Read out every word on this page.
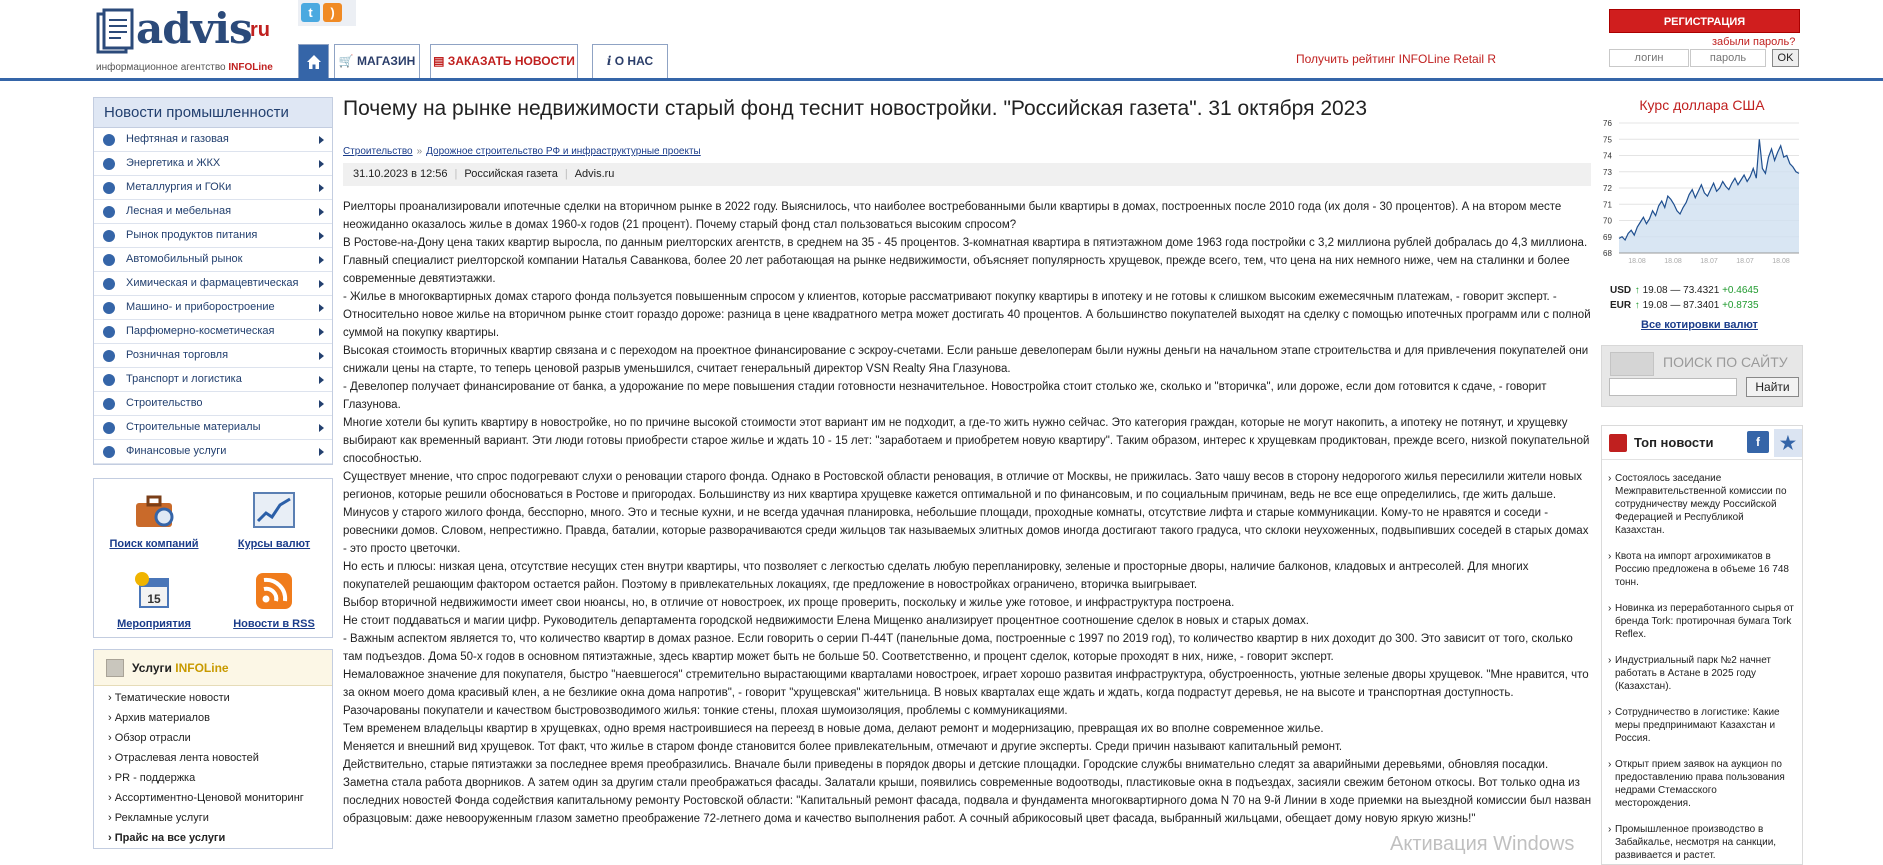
advis
ru
информационное агентство INFOLine
t )
🛒 МАГАЗИН	▤ ЗАКАЗАТЬ НОВОСТИ	i О НАС	Получить рейтинг INFOLine Retail R
РЕГИСТРАЦИЯ
забыли пароль?
логин
пароль
OK
Новости промышленности
Нефтяная и газовая
Энергетика и ЖКХ
Металлургия и ГОКи
Лесная и мебельная
Рынок продуктов питания
Автомобильный рынок
Химическая и фармацевтическая
Машино- и приборостроение
Парфюмерно-косметическая
Розничная торговля
Транспорт и логистика
Строительство
Строительные материалы
Финансовые услуги
Поиск компаний	Курсы валют
15
Мероприятия	Новости в RSS
Услуги INFOLine
› Тематические новости
› Архив материалов
› Обзор отрасли
› Отраслевая лента новостей
› PR - поддержка
› Ассортиментно-Ценовой мониторинг
› Рекламные услуги
› Прайс на все услуги
Почему на рынке недвижимости старый фонд теснит новостройки. "Российская газета". 31 октября 2023
Строительство » Дорожное строительство РФ и инфраструктурные проекты
31.10.2023 в 12:56 | Российская газета | Advis.ru

Риелторы проанализировали ипотечные сделки на вторичном рынке в 2022 году. Выяснилось, что наиболее востребованными были квартиры в домах, построенных после 2010 года (их доля - 30 процентов). А на втором месте неожиданно оказалось жилье в домах 1960-х годов (21 процент). Почему старый фонд стал пользоваться высоким спросом?

В Ростове-на-Дону цена таких квартир выросла, по данным риелторских агентств, в среднем на 35 - 45 процентов. 3-комнатная квартира в пятиэтажном доме 1963 года постройки с 3,2 миллиона рублей добралась до 4,3 миллиона. Главный специалист риелторской компании Наталья Саванкова, более 20 лет работающая на рынке недвижимости, объясняет популярность хрущевок, прежде всего, тем, что цена на них немного ниже, чем на сталинки и более современные девятиэтажки.

- Жилье в многоквартирных домах старого фонда пользуется повышенным спросом у клиентов, которые рассматривают покупку квартиры в ипотеку и не готовы к слишком высоким ежемесячным платежам, - говорит эксперт. - Относительно новое жилье на вторичном рынке стоит гораздо дороже: разница в цене квадратного метра может достигать 40 процентов. А большинство покупателей выходят на сделку с помощью ипотечных программ или с полной суммой на покупку квартиры.

Высокая стоимость вторичных квартир связана и с переходом на проектное финансирование с эскроу-счетами. Если раньше девелоперам были нужны деньги на начальном этапе строительства и для привлечения покупателей они снижали цены на старте, то теперь ценовой разрыв уменьшился, считает генеральный директор VSN Realty Яна Глазунова.

- Девелопер получает финансирование от банка, а удорожание по мере повышения стадии готовности незначительное. Новостройка стоит столько же, сколько и "вторичка", или дороже, если дом готовится к сдаче, - говорит Глазунова.

Многие хотели бы купить квартиру в новостройке, но по причине высокой стоимости этот вариант им не подходит, а где-то жить нужно сейчас. Это категория граждан, которые не могут накопить, а ипотеку не потянут, и хрущевку выбирают как временный вариант. Эти люди готовы приобрести старое жилье и ждать 10 - 15 лет: "заработаем и приобретем новую квартиру". Таким образом, интерес к хрущевкам продиктован, прежде всего, низкой покупательной способностью.

Существует мнение, что спрос подогревают слухи о реновации старого фонда. Однако в Ростовской области реновация, в отличие от Москвы, не прижилась. Зато чашу весов в сторону недорогого жилья пересилили жители новых регионов, которые решили обосноваться в Ростове и пригородах. Большинству из них квартира хрущевке кажется оптимальной и по финансовым, и по социальным причинам, ведь не все еще определились, где жить дальше.

Минусов у старого жилого фонда, бесспорно, много. Это и тесные кухни, и не всегда удачная планировка, небольшие площади, проходные комнаты, отсутствие лифта и старые коммуникации. Кому-то не нравятся и соседи - ровесники домов. Словом, непрестижно. Правда, баталии, которые разворачиваются среди жильцов так называемых элитных домов иногда достигают такого градуса, что склоки неухоженных, подвыпивших соседей в старых домах - это просто цветочки.

Но есть и плюсы: низкая цена, отсутствие несущих стен внутри квартиры, что позволяет с легкостью сделать любую перепланировку, зеленые и просторные дворы, наличие балконов, кладовых и антресолей. Для многих покупателей решающим фактором остается район. Поэтому в привлекательных локациях, где предложение в новостройках ограничено, вторичка выигрывает.

Выбор вторичной недвижимости имеет свои нюансы, но, в отличие от новостроек, их проще проверить, поскольку и жилье уже готовое, и инфраструктура построена.

Не стоит поддаваться и магии цифр. Руководитель департамента городской недвижимости Елена Мищенко анализирует процентное соотношение сделок в новых и старых домах.

- Важным аспектом является то, что количество квартир в домах разное. Если говорить о серии П-44Т (панельные дома, построенные с 1997 по 2019 год), то количество квартир в них доходит до 300. Это зависит от того, сколько там подъездов. Дома 50-х годов в основном пятиэтажные, здесь квартир может быть не больше 50. Соответственно, и процент сделок, которые проходят в них, ниже, - говорит эксперт.

Немаловажное значение для покупателя, быстро "наевшегося" стремительно вырастающими кварталами новостроек, играет хорошо развитая инфраструктура, обустроенность, уютные зеленые дворы хрущевок. "Мне нравится, что за окном моего дома красивый клен, а не безликие окна дома напротив", - говорит "хрущевская" жительница. В новых кварталах еще ждать и ждать, когда подрастут деревья, не на высоте и транспортная доступность. Разочарованы покупатели и качеством быстровозводимого жилья: тонкие стены, плохая шумоизоляция, проблемы с коммуникациями.

Тем временем владельцы квартир в хрущевках, одно время настроившиеся на переезд в новые дома, делают ремонт и модернизацию, превращая их во вполне современное жилье.

Меняется и внешний вид хрущевок. Тот факт, что жилье в старом фонде становится более привлекательным, отмечают и другие эксперты. Среди причин называют капитальный ремонт.

Действительно, старые пятиэтажки за последнее время преобразились. Вначале были приведены в порядок дворы и детские площадки. Городские службы внимательно следят за аварийными деревьями, обновляя посадки. Заметна стала работа дворников. А затем один за другим стали преображаться фасады. Залатали крыши, появились современные водоотводы, пластиковые окна в подъездах, засияли свежим бетоном откосы. Вот только одна из последних новостей Фонда содействия капитальному ремонту Ростовской области: "Капитальный ремонт фасада, подвала и фундамента многоквартирного дома N 70 на 9-й Линии в ходе приемки на выездной комиссии был назван образцовым: даже невооруженным глазом заметно преображение 72-летнего дома и качество выполнения работ. А сочный абрикосовый цвет фасада, выбранный жильцами, обещает дому новую яркую жизнь!"

Курс доллара США
76
75
74
73
72
71
70
69
68
18.08	18.08	18.07	18.07	18.08
USD ↑ 19.08 — 73.4321 +0.4645
EUR ↑ 19.08 — 87.3401 +0.8735
Все котировки валют
ПОИСК ПО САЙТУ
Найти
Топ новости	f	★
› Состоялось заседание Межправительственной комиссии по сотрудничеству между Российской Федерацией и Республикой Казахстан.
› Квота на импорт агрохимикатов в Россию предложена в объеме 16 748 тонн.
› Новинка из переработанного сырья от бренда Tork: протирочная бумага Tork Reflex.
› Индустриальный парк №2 начнет работать в Астане в 2025 году (Казахстан).
› Сотрудничество в логистике: Какие меры предпринимают Казахстан и Россия.
› Открыт прием заявок на аукцион по предоставлению права пользования недрами Стемасского месторождения.
› Промышленное производство в Забайкалье, несмотря на санкции, развивается и растет.
Активация Windows
